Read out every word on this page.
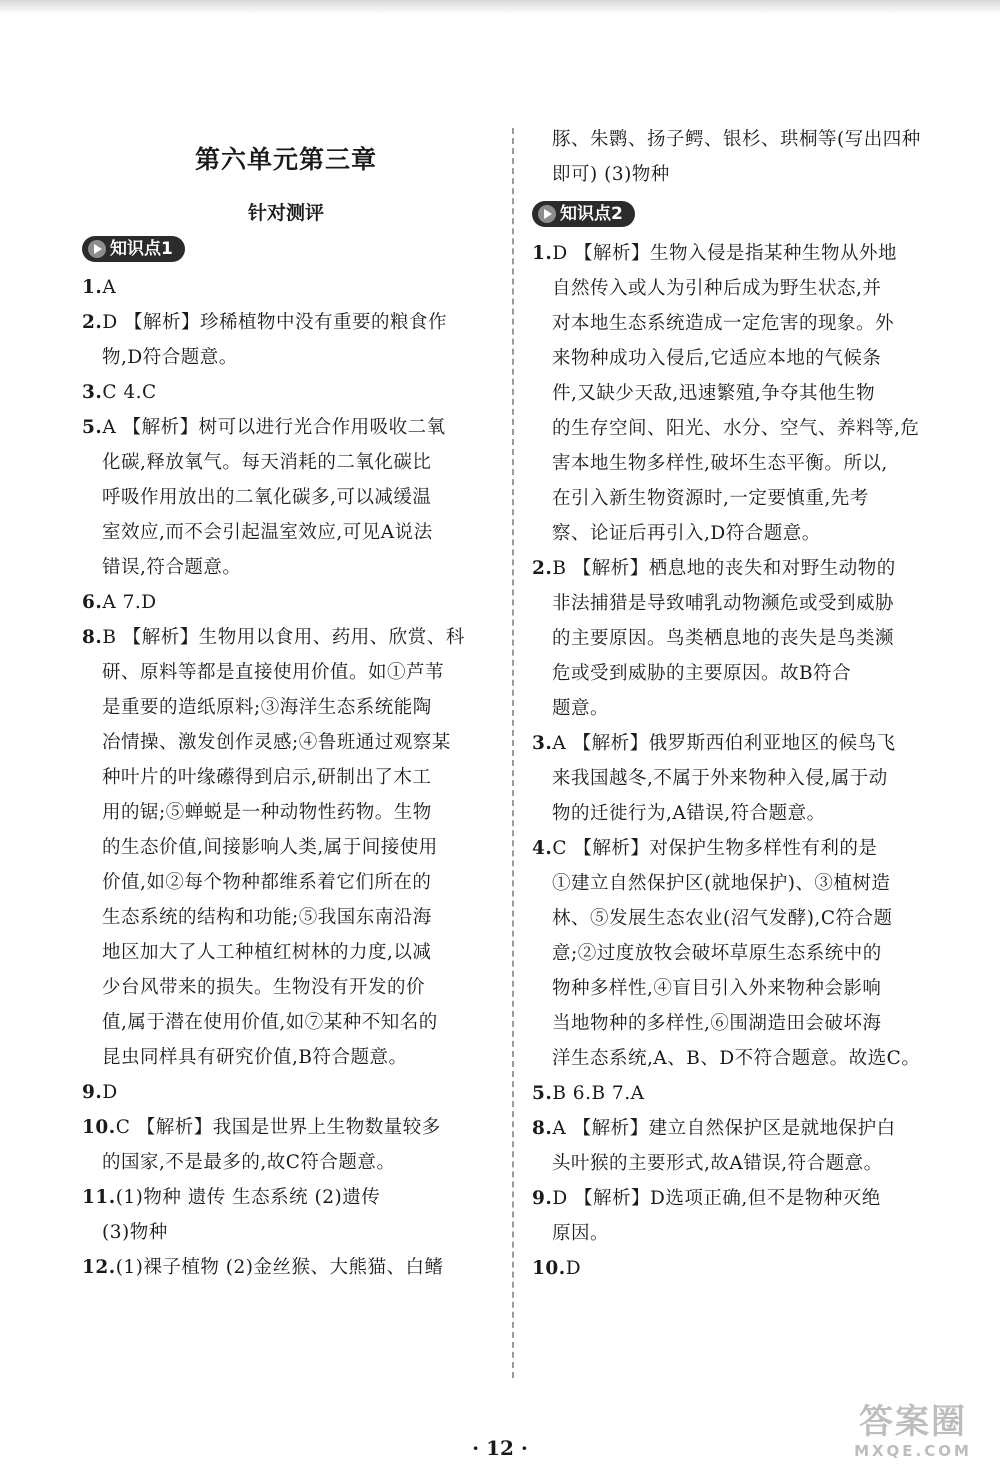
第六单元第三章
针对测评
知识点1
1.A
2.D 【解析】珍稀植物中没有重要的粮食作
物,D符合题意。
3.C 4.C
5.A 【解析】树可以进行光合作用吸收二氧
化碳,释放氧气。每天消耗的二氧化碳比
呼吸作用放出的二氧化碳多,可以减缓温
室效应,而不会引起温室效应,可见A说法
错误,符合题意。
6.A 7.D
8.B 【解析】生物用以食用、药用、欣赏、科
研、原料等都是直接使用价值。如①芦苇
是重要的造纸原料;③海洋生态系统能陶
冶情操、激发创作灵感;④鲁班通过观察某
种叶片的叶缘礤得到启示,研制出了木工
用的锯;⑤蝉蜕是一种动物性药物。生物
的生态价值,间接影响人类,属于间接使用
价值,如②每个物种都维系着它们所在的
生态系统的结构和功能;⑤我国东南沿海
地区加大了人工种植红树林的力度,以减
少台风带来的损失。生物没有开发的价
值,属于潜在使用价值,如⑦某种不知名的
昆虫同样具有研究价值,B符合题意。
9.D
10.C 【解析】我国是世界上生物数量较多
的国家,不是最多的,故C符合题意。
11.(1)物种 遗传 生态系统 (2)遗传
(3)物种
12.(1)裸子植物 (2)金丝猴、大熊猫、白鳍
豚、朱鹮、扬子鳄、银杉、珙桐等(写出四种
即可) (3)物种
知识点2
1.D 【解析】生物入侵是指某种生物从外地
自然传入或人为引种后成为野生状态,并
对本地生态系统造成一定危害的现象。外
来物种成功入侵后,它适应本地的气候条
件,又缺少天敌,迅速繁殖,争夺其他生物
的生存空间、阳光、水分、空气、养料等,危
害本地生物多样性,破坏生态平衡。所以,
在引入新生物资源时,一定要慎重,先考
察、论证后再引入,D符合题意。
2.B 【解析】栖息地的丧失和对野生动物的
非法捕猎是导致哺乳动物濒危或受到威胁
的主要原因。鸟类栖息地的丧失是鸟类濒
危或受到威胁的主要原因。故B符合
题意。
3.A 【解析】俄罗斯西伯利亚地区的候鸟飞
来我国越冬,不属于外来物种入侵,属于动
物的迁徙行为,A错误,符合题意。
4.C 【解析】对保护生物多样性有利的是
①建立自然保护区(就地保护)、③植树造
林、⑤发展生态农业(沼气发酵),C符合题
意;②过度放牧会破坏草原生态系统中的
物种多样性,④盲目引入外来物种会影响
当地物种的多样性,⑥围湖造田会破坏海
洋生态系统,A、B、D不符合题意。故选C。
5.B 6.B 7.A
8.A 【解析】建立自然保护区是就地保护白
头叶猴的主要形式,故A错误,符合题意。
9.D 【解析】D选项正确,但不是物种灭绝
原因。
10.D
· 12 ·
答案圈
MXQE.COM
